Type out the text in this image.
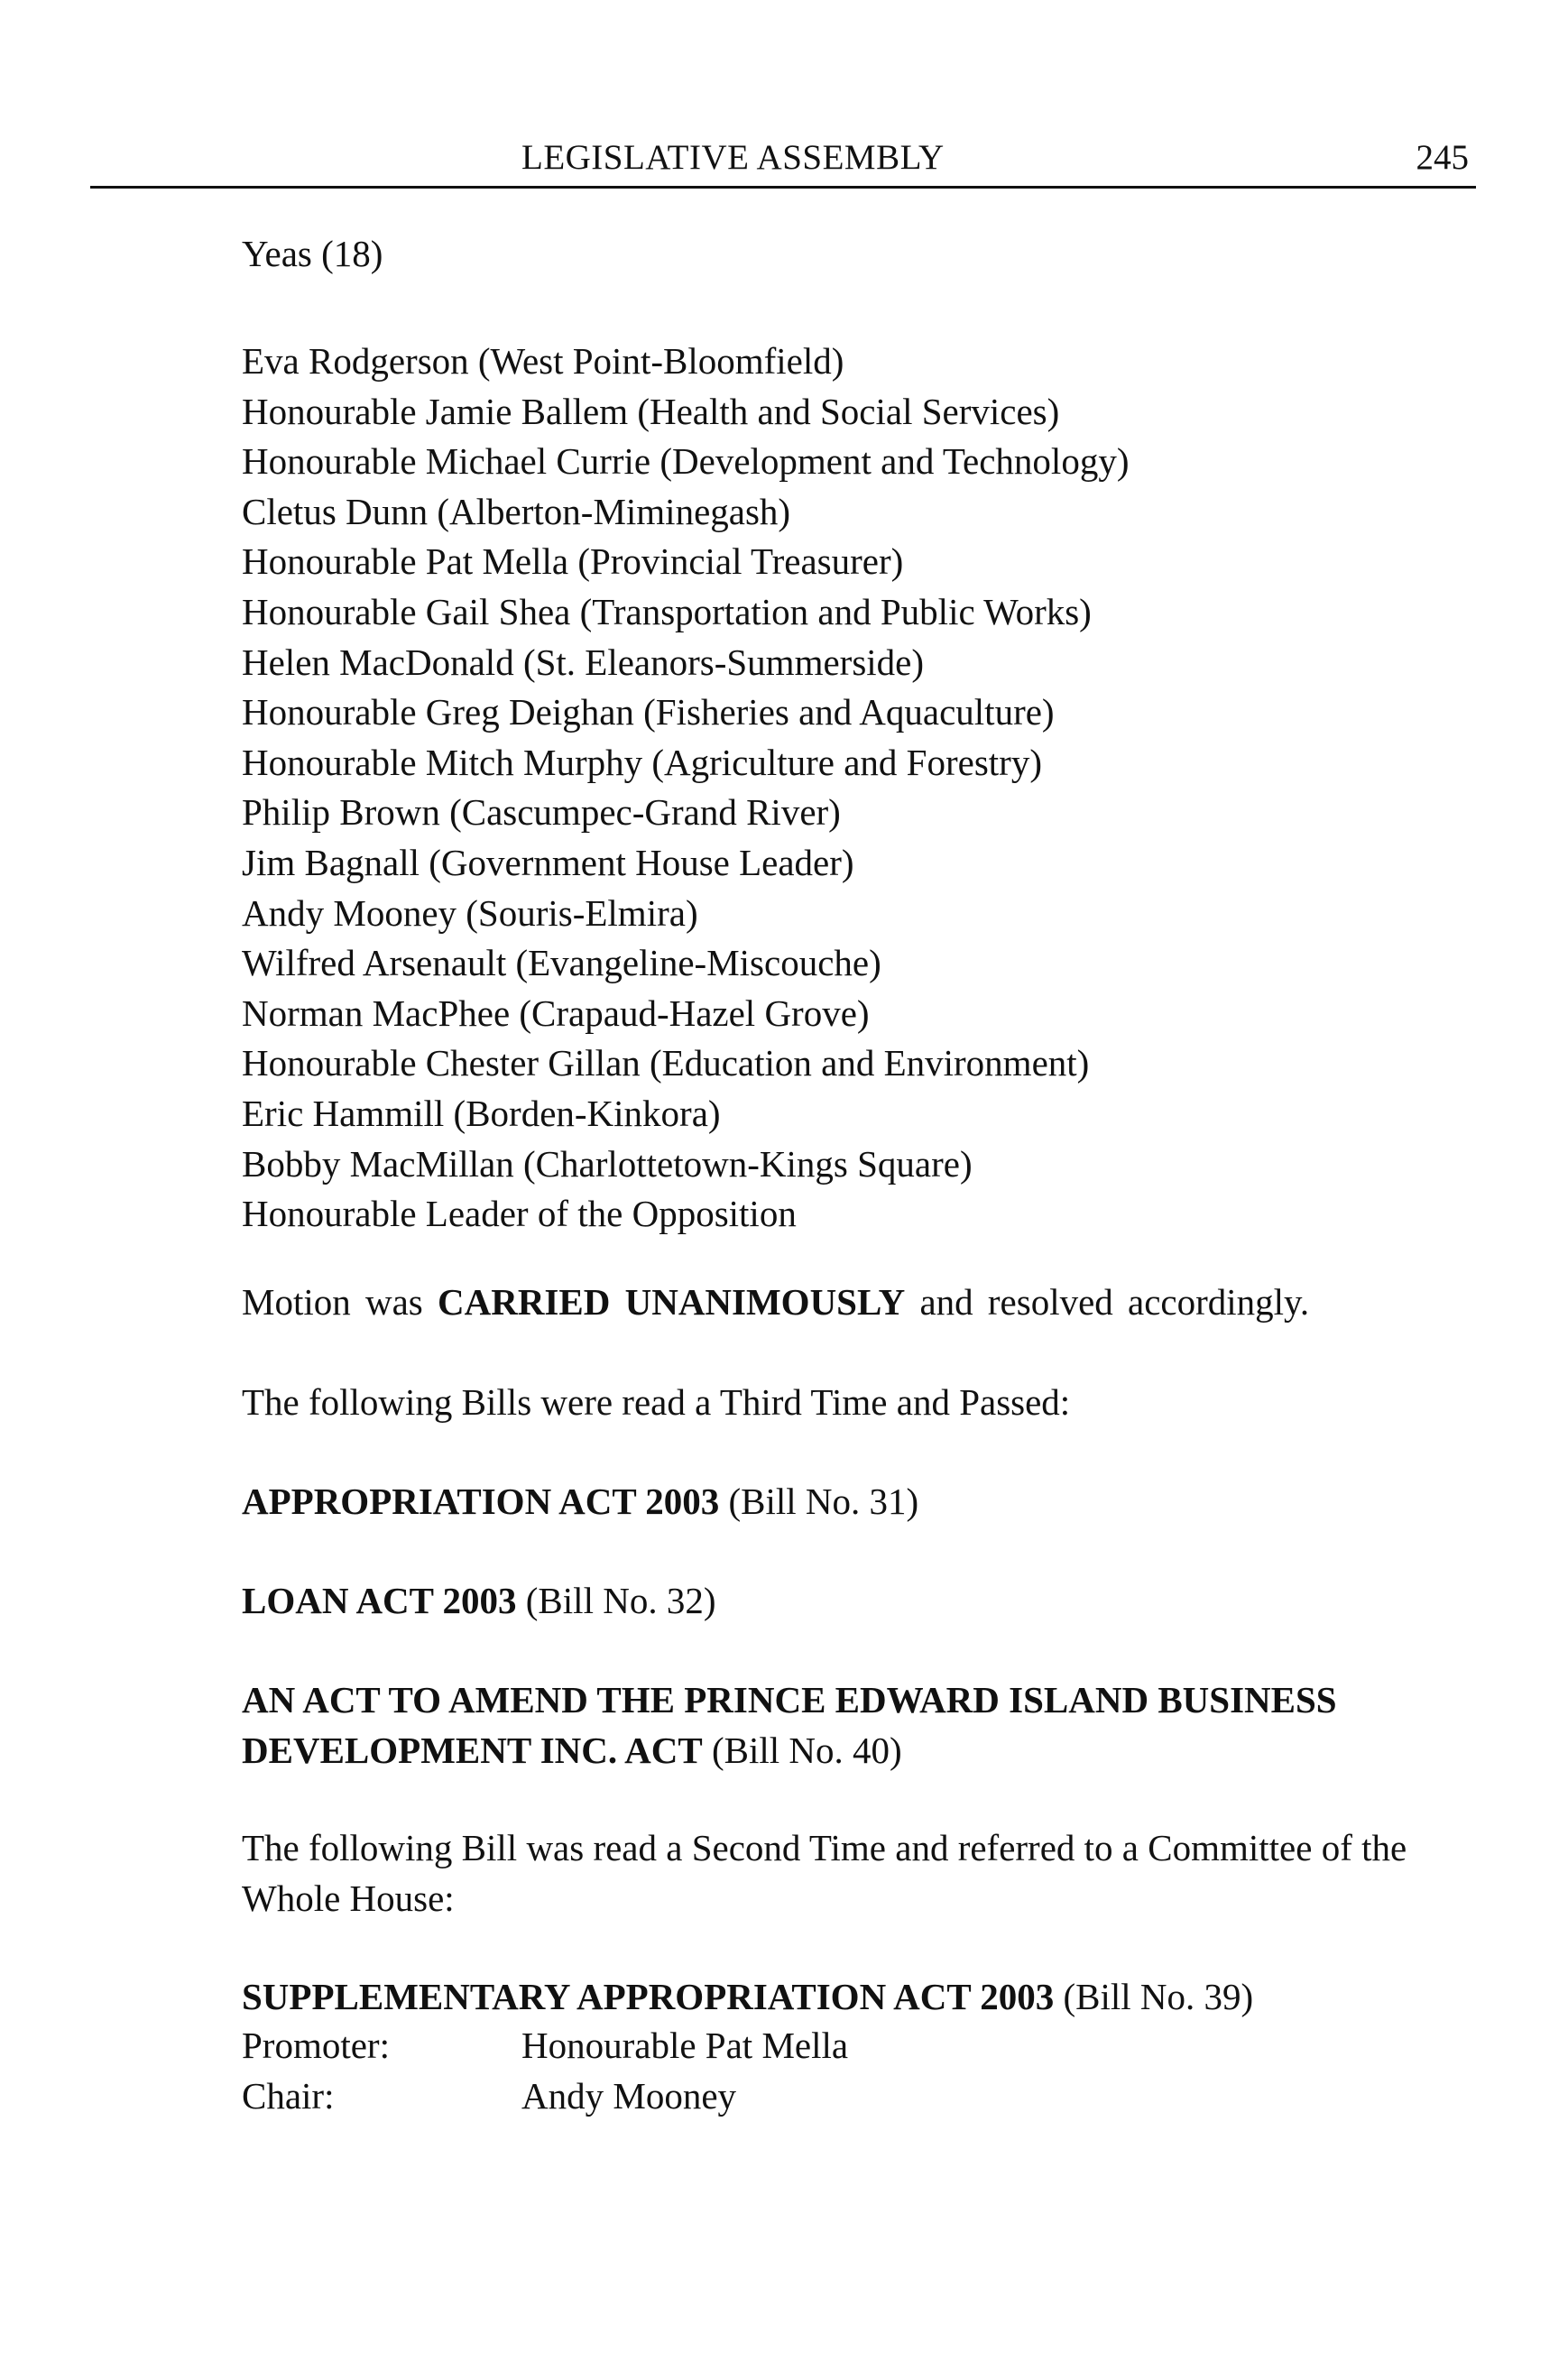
LEGISLATIVE ASSEMBLY	245
Yeas (18)
Eva Rodgerson (West Point-Bloomfield)
Honourable Jamie Ballem (Health and Social Services)
Honourable Michael Currie (Development and Technology)
Cletus Dunn (Alberton-Miminegash)
Honourable Pat Mella (Provincial Treasurer)
Honourable Gail Shea (Transportation and Public Works)
Helen MacDonald (St. Eleanors-Summerside)
Honourable Greg Deighan (Fisheries and Aquaculture)
Honourable Mitch Murphy (Agriculture and Forestry)
Philip Brown (Cascumpec-Grand River)
Jim Bagnall (Government House Leader)
Andy Mooney (Souris-Elmira)
Wilfred Arsenault (Evangeline-Miscouche)
Norman MacPhee (Crapaud-Hazel Grove)
Honourable Chester Gillan (Education and Environment)
Eric Hammill (Borden-Kinkora)
Bobby MacMillan (Charlottetown-Kings Square)
Honourable Leader of the Opposition
Motion was CARRIED UNANIMOUSLY and resolved accordingly.
The following Bills were read a Third Time and Passed:
APPROPRIATION ACT 2003 (Bill No. 31)
LOAN ACT 2003 (Bill No. 32)
AN ACT TO AMEND THE PRINCE EDWARD ISLAND BUSINESS DEVELOPMENT INC. ACT (Bill No. 40)
The following Bill was read a Second Time and referred to a Committee of the Whole House:
SUPPLEMENTARY APPROPRIATION ACT 2003 (Bill No. 39)
Promoter:	Honourable Pat Mella
Chair:	Andy Mooney
